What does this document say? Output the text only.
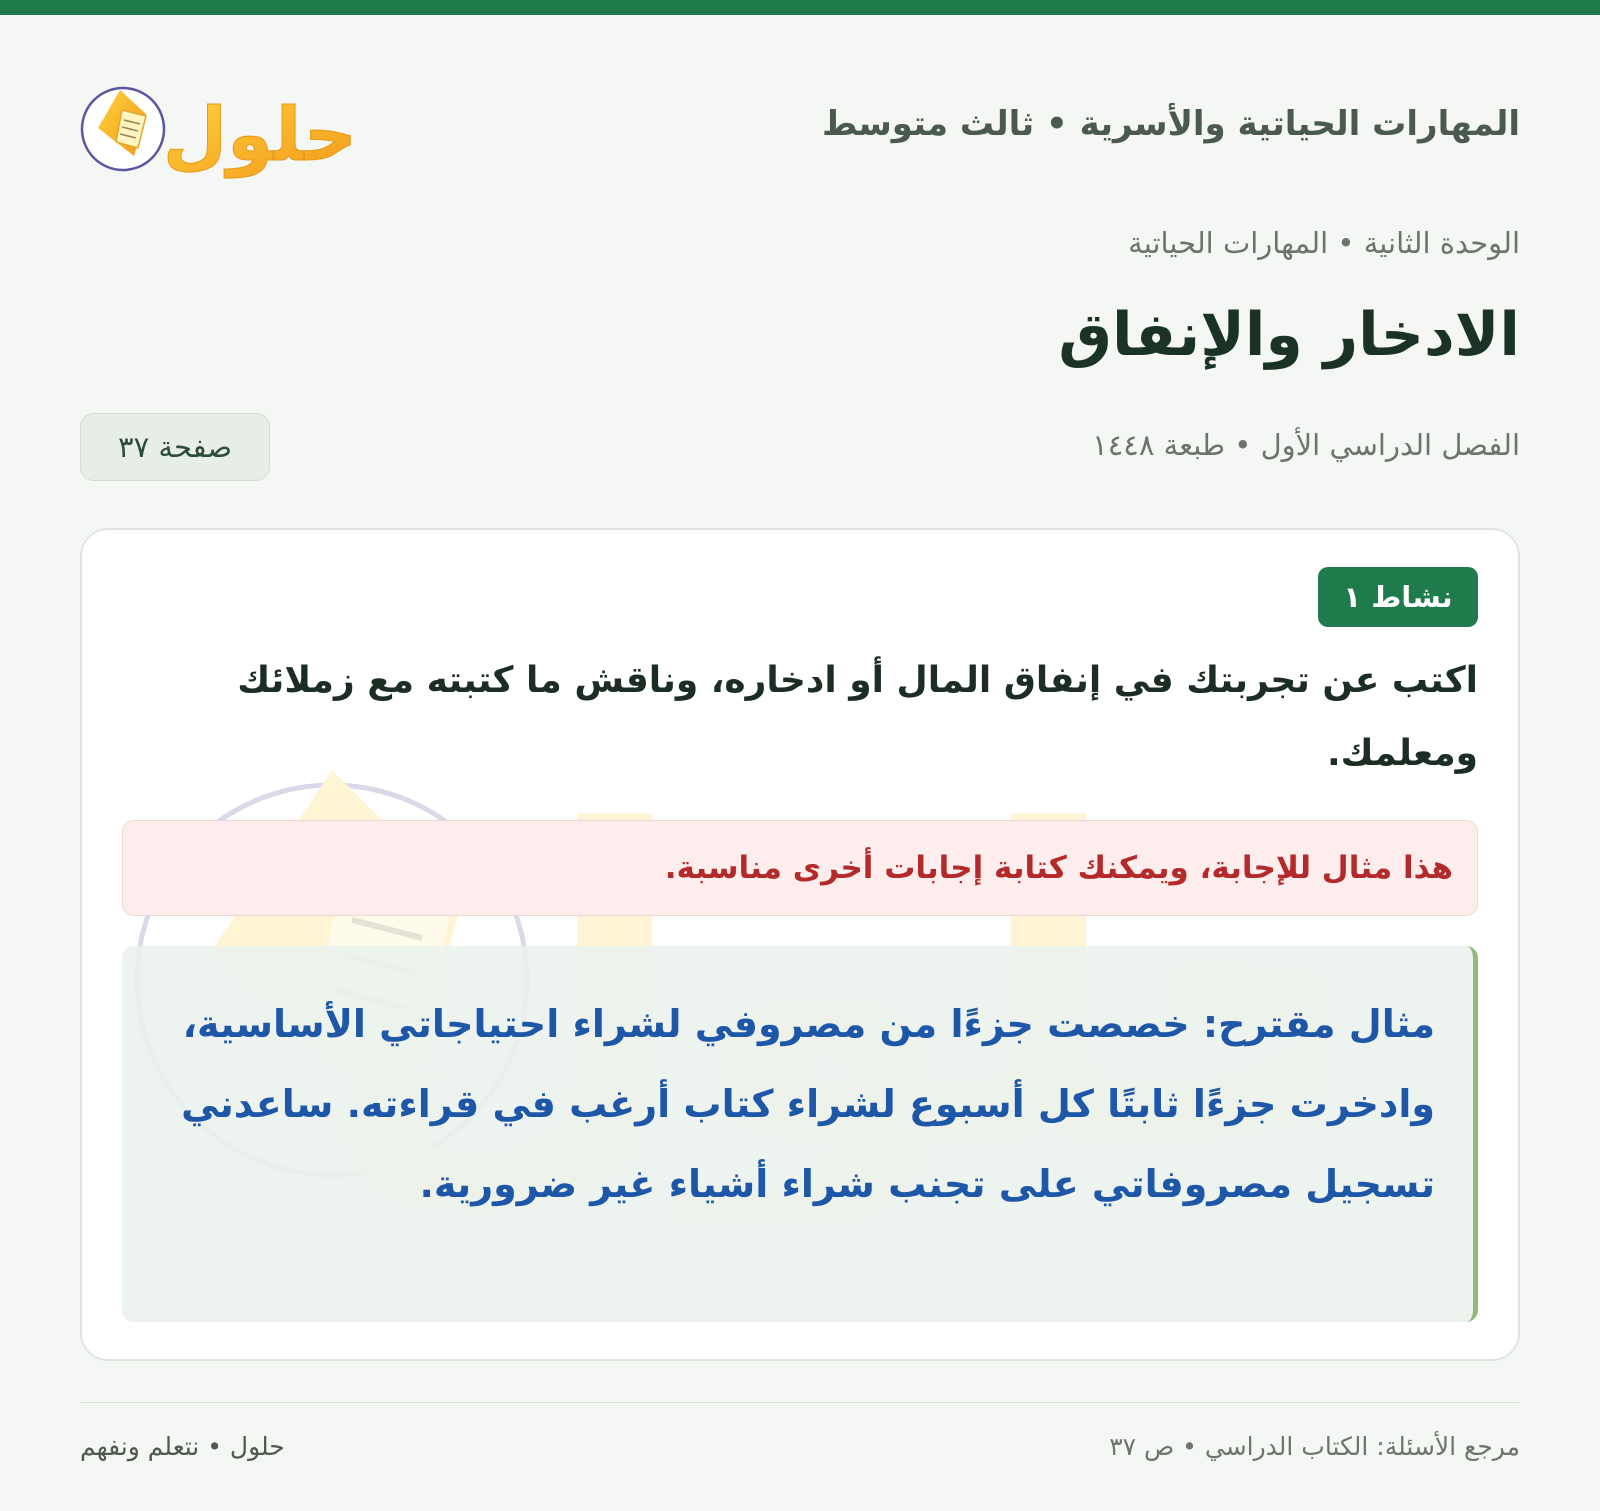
المهارات الحياتية والأسرية • ثالث متوسط
حلول
الوحدة الثانية • المهارات الحياتية
الادخار والإنفاق
الفصل الدراسي الأول • طبعة ١٤٤٨
صفحة ٣٧
نشاط ١
اكتب عن تجربتك في إنفاق المال أو ادخاره، وناقش ما كتبته مع زملائك ومعلمك.
هذا مثال للإجابة، ويمكنك كتابة إجابات أخرى مناسبة.
مثال مقترح: خصصت جزءًا من مصروفي لشراء احتياجاتي الأساسية، وادخرت جزءًا ثابتًا كل أسبوع لشراء كتاب أرغب في قراءته. ساعدني تسجيل مصروفاتي على تجنب شراء أشياء غير ضرورية.
مرجع الأسئلة: الكتاب الدراسي • ص ٣٧
حلول • نتعلم ونفهم
